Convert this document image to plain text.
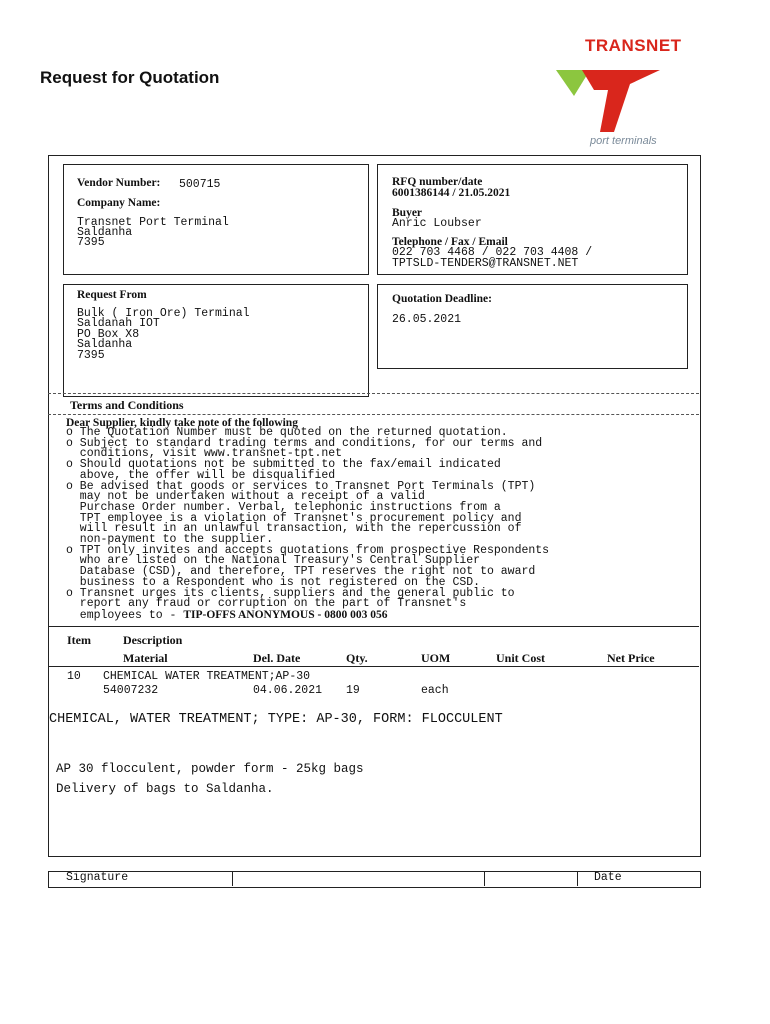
Request for Quotation
TRANSNET
port terminals
Vendor Number: 500715
Company Name:
Transnet Port Terminal
Saldanha
7395
RFQ number/date
6001386144 / 21.05.2021
Buyer
Anric Loubser
Telephone / Fax / Email
022 703 4468 / 022 703 4408 /
TPTSLD-TENDERS@TRANSNET.NET
Request From
Bulk ( Iron Ore) Terminal
Saldanah IOT
PO Box X8
Saldanha
7395
Quotation Deadline:
26.05.2021
Terms and Conditions
Dear Supplier, kindly take note of the following
o The Quotation Number must be quoted on the returned quotation.
o Subject to standard trading terms and conditions, for our terms and
conditions, visit www.transnet-tpt.net
o Should quotations not be submitted to the fax/email indicated
above, the offer will be disqualified
o Be advised that goods or services to Transnet Port Terminals (TPT)
may not be undertaken without a receipt of a valid
Purchase Order number. Verbal, telephonic instructions from a
TPT employee is a violation of Transnet's procurement policy and
will result in an unlawful transaction, with the repercussion of
non-payment to the supplier.
o TPT only invites and accepts quotations from prospective Respondents
who are listed on the National Treasury's Central Supplier
Database (CSD), and therefore, TPT reserves the right not to award
business to a Respondent who is not registered on the CSD.
o Transnet urges its clients, suppliers and the general public to
report any fraud or corruption on the part of Transnet's
employees to - TIP-OFFS ANONYMOUS - 0800 003 056
Item	Description
Material	Del. Date	Qty.	UOM	Unit Cost	Net Price
10 CHEMICAL WATER TREATMENT;AP-30
54007232	04.06.2021 19	each
CHEMICAL, WATER TREATMENT; TYPE: AP-30, FORM: FLOCCULENT
AP 30 flocculent, powder form - 25kg bags
Delivery of bags to Saldanha.
Signature	Date
